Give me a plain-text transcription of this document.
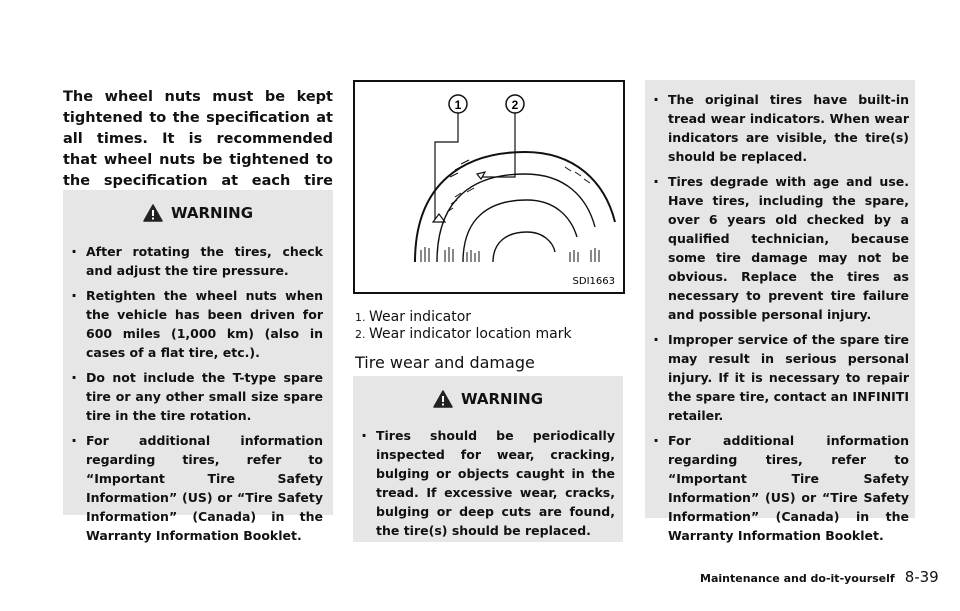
The wheel nuts must be kept tightened to the specification at all times. It is recommended that wheel nuts be tightened to the specification at each tire

WARNING
. After rotating the tires, check and adjust the tire pressure.
. Retighten the wheel nuts when the vehicle has been driven for 600 miles (1,000 km) (also in cases of a flat tire, etc.).
. Do not include the T-type spare tire or any other small size spare tire in the tire rotation.
. For additional information regarding tires, refer to “Important Tire Safety Information” (US) or “Tire Safety Information” (Canada) in the Warranty Information Booklet.
1	2
SDI1663
1. Wear indicator
2. Wear indicator location mark

Tire wear and damage

WARNING
. Tires should be periodically inspected for wear, cracking, bulging or objects caught in the tread. If excessive wear, cracks, bulging or deep cuts are found, the tire(s) should be replaced.
. The original tires have built-in tread wear indicators. When wear indicators are visible, the tire(s) should be replaced.
. Tires degrade with age and use. Have tires, including the spare, over 6 years old checked by a qualified technician, because some tire damage may not be obvious. Replace the tires as necessary to prevent tire failure and possible personal injury.
. Improper service of the spare tire may result in serious personal injury. If it is necessary to repair the spare tire, contact an INFINITI retailer.
. For additional information regarding tires, refer to “Important Tire Safety Information” (US) or “Tire Safety Information” (Canada) in the Warranty Information Booklet.
Maintenance and do-it-yourself 8-39
